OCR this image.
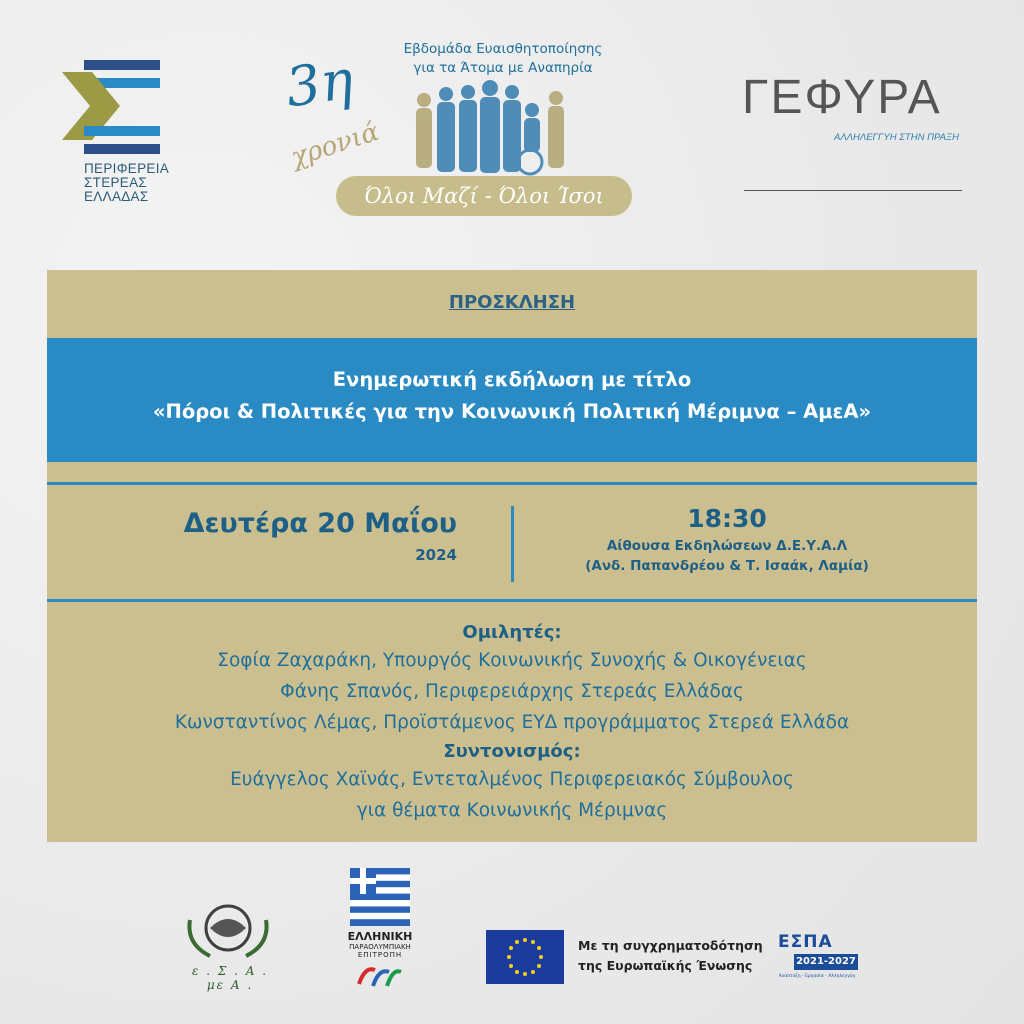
ΠΕΡΙΦΕΡΕΙΑ
ΣΤΕΡΕΑΣ
ΕΛΛΑΔΑΣ
Εβδομάδα Ευαισθητοποίησης
για τα Άτομα με Αναπηρία
3η
χρονιά
Όλοι Μαζί - Όλοι Ίσοι
ΓΕΦΥΡΑ
ΑΛΛΗΛΕΓΓΥΗ ΣΤΗΝ ΠΡΑΞΗ
ΠΡΟΣΚΛΗΣΗ
Ενημερωτική εκδήλωση με τίτλο
«Πόροι & Πολιτικές για την Κοινωνική Πολιτική Μέριμνα – ΑμεΑ»
Δευτέρα 20 Μαΐου
2024
18:30
Αίθουσα Εκδηλώσεων Δ.Ε.Υ.Α.Λ
(Ανδ. Παπανδρέου & Τ. Ισαάκ, Λαμία)
Ομιλητές:
Σοφία Ζαχαράκη, Υπουργός Κοινωνικής Συνοχής & Οικογένειας
Φάνης Σπανός, Περιφερειάρχης Στερεάς Ελλάδας
Κωνσταντίνος Λέμας, Προϊστάμενος ΕΥΔ προγράμματος Στερεά Ελλάδα
Συντονισμός:
Ευάγγελος Χαϊνάς, Εντεταλμένος Περιφερειακός Σύμβουλος
για θέματα Κοινωνικής Μέριμνας
ε . Σ . Α . με Α .
ΕΛΛΗΝΙΚΗ
ΠΑΡΑΟΛΥΜΠΙΑΚΗ
ΕΠΙΤΡΟΠΗ
Με τη συγχρηματοδότηση
της Ευρωπαϊκής Ένωσης
ΕΣΠΑ
2021-2027
Ανάπτυξη - Εργασία - Αλληλεγγύη
